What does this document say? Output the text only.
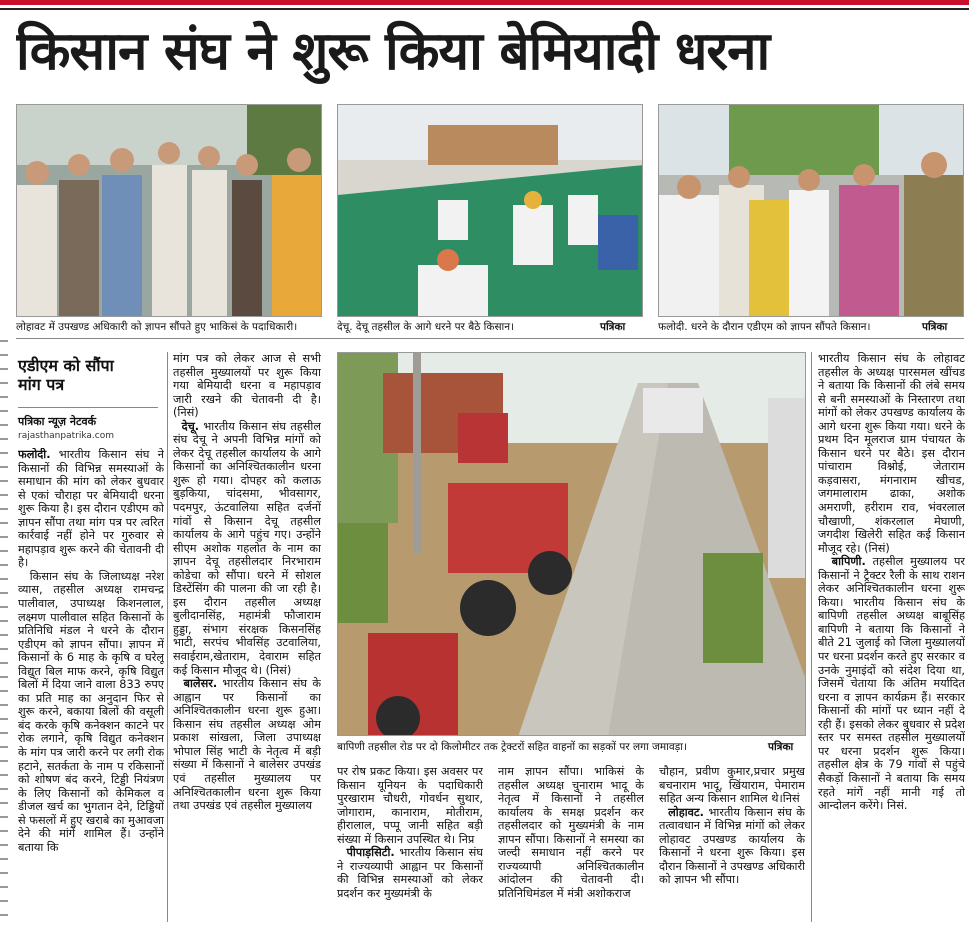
किसान संघ ने शुरू किया बेमियादी धरना
लोहावट में उपखण्ड अधिकारी को ज्ञापन सौंपते हुए भाकिसं के पदाधिकारी।	देचू. देचू तहसील के आगे धरने पर बैठे किसान।	पत्रिका	फलोदी. धरने के दौरान एडीएम को ज्ञापन सौंपते किसान।	पत्रिका
एडीएम को सौंपा मांग पत्र
पत्रिका न्यूज़ नेटवर्क
rajasthanpatrika.com
फलोदी. भारतीय किसान संघ ने किसानों की विभिन्न समस्याओं के समाधान की मांग को लेकर बुधवार से एकां चौराहा पर बेमियादी धरना शुरू किया है। इस दौरान एडीएम को ज्ञापन सौंपा तथा मांग पत्र पर त्वरित कार्रवाई नहीं होने पर गुरुवार से महापड़ाव शुरू करने की चेतावनी दी है।
किसान संघ के जिलाध्यक्ष नरेश व्यास, तहसील अध्यक्ष रामचन्द्र पालीवाल, उपाध्यक्ष किशनलाल, लक्ष्मण पालीवाल सहित किसानों के प्रतिनिधि मंडल ने धरने के दौरान एडीएम को ज्ञापन सौंपा। ज्ञापन में किसानों के 6 माह के कृषि व घरेलू विद्युत बिल माफ करने, कृषि विद्युत बिलों में दिया जाने वाला 833 रुपए का प्रति माह का अनुदान फिर से शुरू करने, बकाया बिलों की वसूली बंद करके कृषि कनेक्शन काटने पर रोक लगाने, कृषि विद्युत कनेक्शन के मांग पत्र जारी करने पर लगी रोक हटाने, सतर्कता के नाम प रकिसानों को शोषण बंद करने, टिड्डी नियंत्रण के लिए किसानों को केमिकल व डीजल खर्च का भुगतान देने, टिड्डियों से फसलों में हुए खराबे का मुआवजा देने की मांगें शामिल हैं। उन्होंने बताया कि
मांग पत्र को लेकर आज से सभी तहसील मुख्यालयों पर शुरू किया गया बेमियादी धरना व महापड़ाव जारी रखने की चेतावनी दी है। (निसं)
देचू. भारतीय किसान संघ तहसील संघ देचू ने अपनी विभिन्न मांगों को लेकर देचू तहसील कार्यालय के आगे किसानों का अनिश्चितकालीन धरना शुरू हो गया। दोपहर को कलाऊ बुड़किया, चांदसमा, भीवसागर, पदमपुर, ऊंटवालिया सहित दर्जनों गांवों से किसान देचू तहसील कार्यालय के आगे पहुंच गए। उन्होंने सीएम अशोक गहलोत के नाम का ज्ञापन देचू तहसीलदार निरभाराम कोडेचा को सौंपा। धरने में सोशल डिस्टेंसिंग की पालना की जा रही है। इस दौरान तहसील अध्यक्ष बुलीदानसिंह, महामंत्री फौजाराम हुड्डा, संभाग संरक्षक किसनसिंह भाटी, सरपंच भीवसिंह उटवालिया, सवाईराम,खेताराम, देवाराम सहित कई किसान मौजूद थे। (निसं)
बालेसर. भारतीय किसान संघ के आह्वान पर किसानों का अनिश्चितकालीन धरना शुरू हुआ। किसान संघ तहसील अध्यक्ष ओम प्रकाश सांखला, जिला उपाध्यक्ष भोपाल सिंह भाटी के नेतृत्व में बड़ी संख्या में किसानों ने बालेसर उपखंड एवं तहसील मुख्यालय पर अनिश्चितकालीन धरना शुरू किया तथा उपखंड एवं तहसील मुख्यालय
बापिणी तहसील रोड पर दो किलोमीटर तक ट्रेक्टरों सहित वाहनों का सड़कों पर लगा जमावड़ा।	पत्रिका
पर रोष प्रकट किया। इस अवसर पर किसान यूनियन के पदाधिकारी पुरखाराम चौधरी, गोवर्धन सुथार, जोगाराम, कानाराम, मोतीराम, हीरालाल, पप्पू जानी सहित बड़ी संख्या में किसान उपस्थित थे। निप्र
पीपाड़सिटी. भारतीय किसान संघ ने राज्यव्यापी आह्वान पर किसानों की विभिन्न समस्याओं को लेकर प्रदर्शन कर मुख्यमंत्री के
नाम ज्ञापन सौंपा। भाकिसं के तहसील अध्यक्ष चुनाराम भादू के नेतृत्व में किसानों ने तहसील कार्यालय के समक्ष प्रदर्शन कर तहसीलदार को मुख्यमंत्री के नाम ज्ञापन सौंपा। किसानों ने समस्या का जल्दी समाधान नहीं करने पर राज्यव्यापी अनिश्चितकालीन आंदोलन की चेतावनी दी। प्रतिनिधिमंडल में मंत्री अशोकराज
चौहान, प्रवीण कुमार,प्रचार प्रमुख बचनाराम भादू, खिंयाराम, पेमाराम सहित अन्य किसान शामिल थे।निसं
लोहावट. भारतीय किसान संघ के तत्वावधान में विभिन्न मांगों को लेकर लोहावट उपखण्ड कार्यालय के किसानों ने धरना शुरू किया। इस दौरान किसानों ने उपखण्ड अधिकारी को ज्ञापन भी सौंपा।
भारतीय किसान संघ के लोहावट तहसील के अध्यक्ष पारसमल खींचड ने बताया कि किसानों की लंबे समय से बनी समस्याओं के निस्तारण तथा मांगों को लेकर उपखण्ड कार्यालय के आगे धरना शुरू किया गया। धरने के प्रथम दिन मूलराज ग्राम पंचायत के किसान धरने पर बैठे। इस दौरान पांचाराम विश्नोई, जेताराम कड़वासरा, मंगनाराम खीचड, जगमालाराम ढाका, अशोक अमराणी, हरीराम राव, भंवरलाल चौखाणी, शंकरलाल मेघाणी, जगदीश खिलेरी सहित कई किसान मौजूद रहे। (निसं)
बापिणी. तहसील मुख्यालय पर किसानों ने ट्रैक्टर रैली के साथ राशन लेकर अनिश्चितकालीन धरना शुरू किया। भारतीय किसान संघ के बापिणी तहसील अध्यक्ष बाबूसिंह बापिणी ने बताया कि किसानों ने बीते 21 जुलाई को जिला मुख्यालयों पर धरना प्रदर्शन करते हुए सरकार व उनके नुमाइंदों को संदेश दिया था, जिसमें चेताया कि अंतिम मर्यादित धरना व ज्ञापन कार्यक्रम हैं। सरकार किसानों की मांगों पर ध्यान नहीं दे रही हैं। इसको लेकर बुधवार से प्रदेश स्तर पर समस्त तहसील मुख्यालयों पर धरना प्रदर्शन शुरू किया। तहसील क्षेत्र के 79 गांवों से पहुंचे सैकड़ों किसानों ने बताया कि समय रहते मांगें नहीं मानी गई तो आन्दोलन करेंगे। निसं.
